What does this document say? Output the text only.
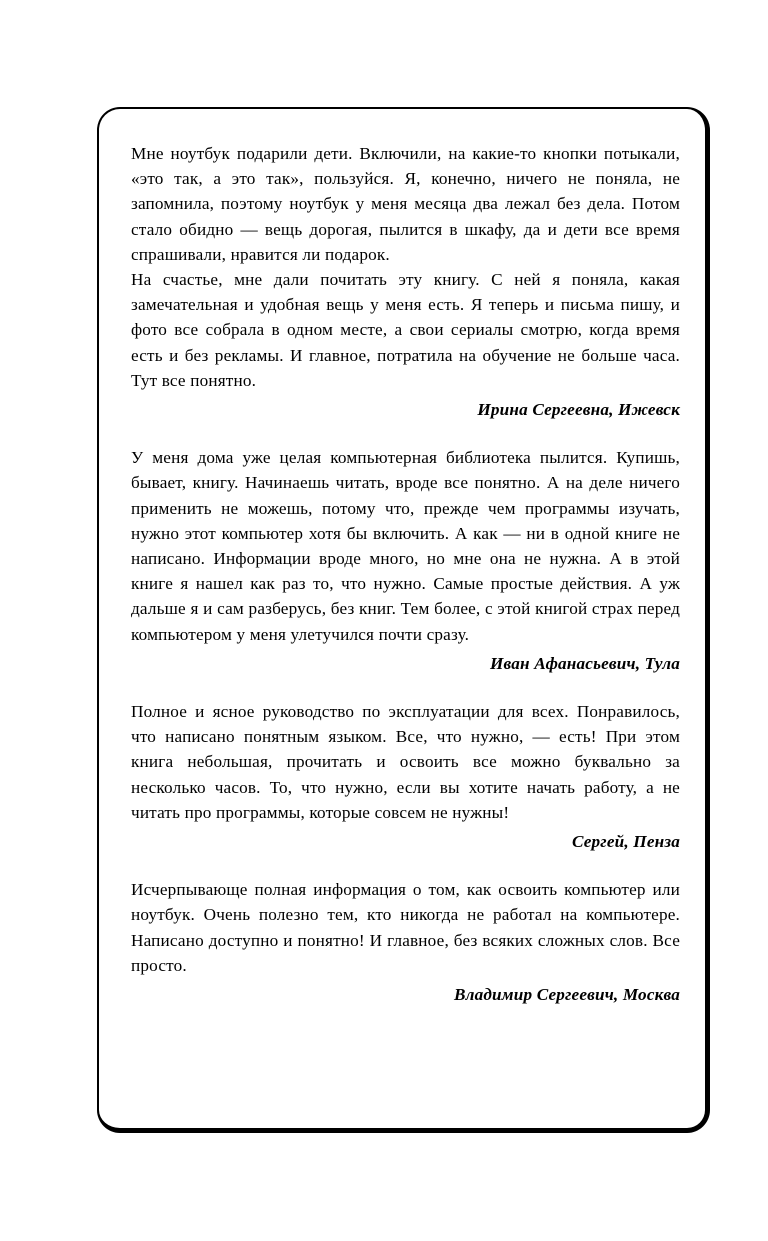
Мне ноутбук подарили дети. Включили, на какие-то кнопки потыкали, «это так, а это так», пользуйся. Я, конечно, ничего не поняла, не запомнила, поэтому ноутбук у меня месяца два лежал без дела. Потом стало обидно — вещь дорогая, пылится в шкафу, да и дети все время спрашивали, нравится ли подарок.

На счастье, мне дали почитать эту книгу. С ней я поняла, какая замечательная и удобная вещь у меня есть. Я теперь и письма пишу, и фото все собрала в одном месте, а свои сериалы смотрю, когда время есть и без рекламы. И главное, потратила на обучение не больше часа. Тут все понятно.

Ирина Сергеевна, Ижевск

У меня дома уже целая компьютерная библиотека пылится. Купишь, бывает, книгу. Начинаешь читать, вроде все понятно. А на деле ничего применить не можешь, потому что, прежде чем программы изучать, нужно этот компьютер хотя бы включить. А как — ни в одной книге не написано. Информации вроде много, но мне она не нужна. А в этой книге я нашел как раз то, что нужно. Самые простые действия. А уж дальше я и сам разберусь, без книг. Тем более, с этой книгой страх перед компьютером у меня улетучился почти сразу.

Иван Афанасьевич, Тула

Полное и ясное руководство по эксплуатации для всех. Понравилось, что написано понятным языком. Все, что нужно, — есть! При этом книга небольшая, прочитать и освоить все можно буквально за несколько часов. То, что нужно, если вы хотите начать работу, а не читать про программы, которые совсем не нужны!

Сергей, Пенза

Исчерпывающе полная информация о том, как освоить компьютер или ноутбук. Очень полезно тем, кто никогда не работал на компьютере. Написано доступно и понятно! И главное, без всяких сложных слов. Все просто.

Владимир Сергеевич, Москва
